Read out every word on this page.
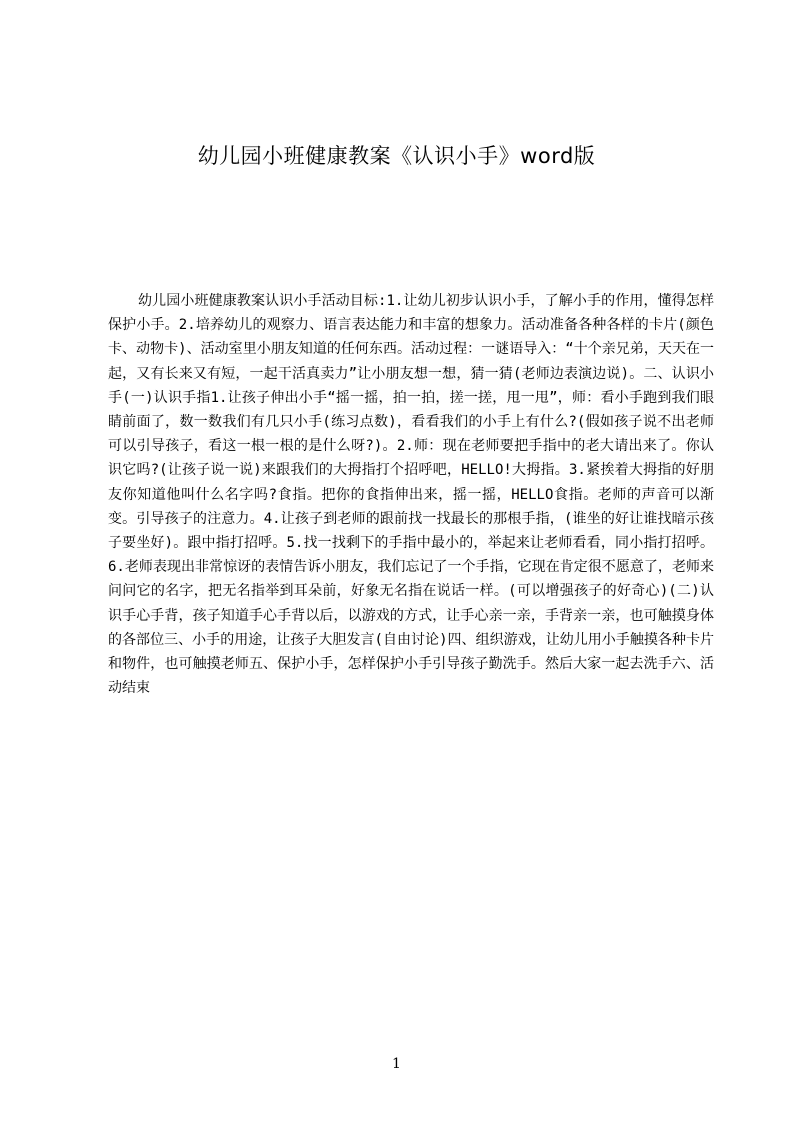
幼儿园小班健康教案《认识小手》word版

幼儿园小班健康教案认识小手活动目标:1.让幼儿初步认识小手，了解小手的作用，懂得怎样保护小手。2.培养幼儿的观察力、语言表达能力和丰富的想象力。活动准备各种各样的卡片(颜色卡、动物卡)、活动室里小朋友知道的任何东西。活动过程：一谜语导入：“十个亲兄弟，天天在一起，又有长来又有短，一起干活真卖力”让小朋友想一想，猜一猜(老师边表演边说)。二、认识小手(一)认识手指1.让孩子伸出小手“摇一摇，拍一拍，搓一搓，甩一甩”，师：看小手跑到我们眼睛前面了，数一数我们有几只小手(练习点数)，看看我们的小手上有什么?(假如孩子说不出老师可以引导孩子，看这一根一根的是什么呀?)。2.师：现在老师要把手指中的老大请出来了。你认识它吗?(让孩子说一说)来跟我们的大拇指打个招呼吧，HELLO!大拇指。3.紧挨着大拇指的好朋友你知道他叫什么名字吗?食指。把你的食指伸出来，摇一摇，HELLO食指。老师的声音可以渐变。引导孩子的注意力。4.让孩子到老师的跟前找一找最长的那根手指，(谁坐的好让谁找暗示孩子要坐好)。跟中指打招呼。5.找一找剩下的手指中最小的，举起来让老师看看，同小指打招呼。6.老师表现出非常惊讶的表情告诉小朋友，我们忘记了一个手指，它现在肯定很不愿意了，老师来问问它的名字，把无名指举到耳朵前，好象无名指在说话一样。(可以增强孩子的好奇心)(二)认识手心手背，孩子知道手心手背以后，以游戏的方式，让手心亲一亲，手背亲一亲，也可触摸身体的各部位三、小手的用途，让孩子大胆发言(自由讨论)四、组织游戏，让幼儿用小手触摸各种卡片和物件，也可触摸老师五、保护小手，怎样保护小手引导孩子勤洗手。然后大家一起去洗手六、活动结束

1
